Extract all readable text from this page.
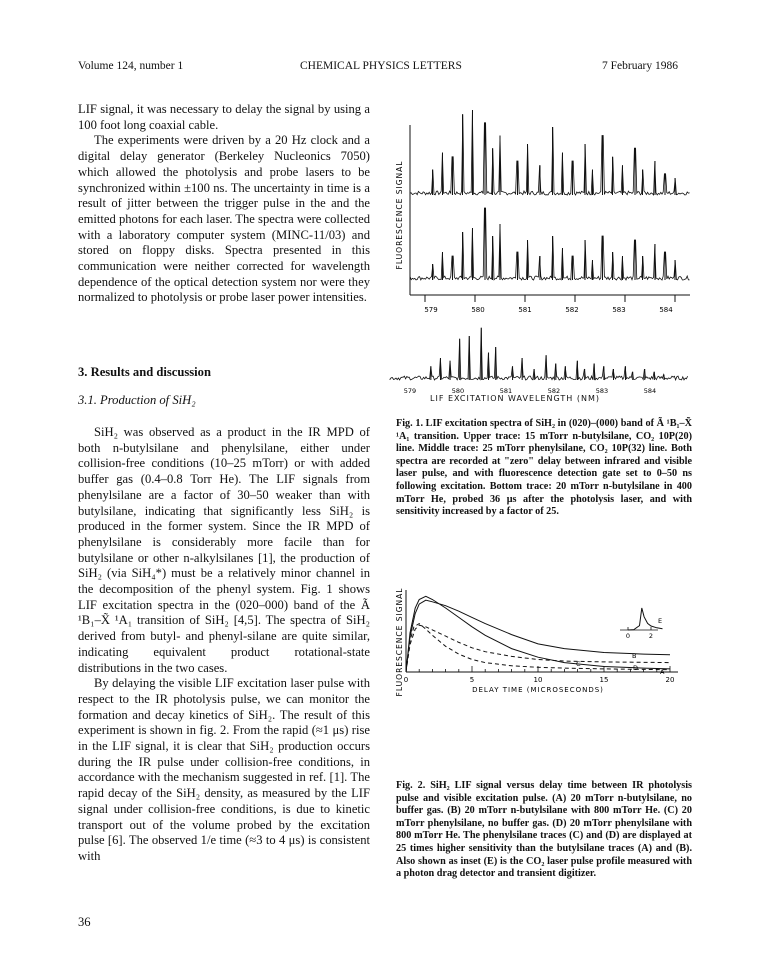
Volume 124, number 1	CHEMICAL PHYSICS LETTERS	7 February 1986

LIF signal, it was necessary to delay the signal by using a 100 foot long coaxial cable.

The experiments were driven by a 20 Hz clock and a digital delay generator (Berkeley Nucleonics 7050) which allowed the photolysis and probe lasers to be synchronized within ±100 ns. The uncertainty in time is a result of jitter between the trigger pulse in the and the emitted photons for each laser. The spectra were collected with a laboratory computer system (MINC-11/03) and stored on floppy disks. Spectra presented in this communication were neither corrected for wavelength dependence of the optical detection system nor were they normalized to photolysis or probe laser power intensities.

3. Results and discussion
3.1. Production of SiH₂

SiH₂ was observed as a product in the IR MPD of both n-butylsilane and phenylsilane, either under collision-free conditions (10–25 mTorr) or with added buffer gas (0.4–0.8 Torr He). The LIF signals from phenylsilane are a factor of 30–50 weaker than with butylsilane, indicating that significantly less SiH₂ is produced in the former system. Since the IR MPD of phenylsilane is considerably more facile than for butylsilane or other n-alkylsilanes [1], the production of SiH₂ (via SiH₄*) must be a relatively minor channel in the decomposition of the phenyl system. Fig. 1 shows LIF excitation spectra in the (020–000) band of the Ã ¹B₁–X̃ ¹A₁ transition of SiH₂ [4,5]. The spectra of SiH₂ derived from butyl- and phenyl-silane are quite similar, indicating equivalent product rotational-state distributions in the two cases.

By delaying the visible LIF excitation laser pulse with respect to the IR photolysis pulse, we can monitor the formation and decay kinetics of SiH₂. The result of this experiment is shown in fig. 2. From the rapid (≈1 μs) rise in the LIF signal, it is clear that SiH₂ production occurs during the IR pulse under collision-free conditions, in accordance with the mechanism suggested in ref. [1]. The rapid decay of the SiH₂ density, as measured by the LIF signal under collision-free conditions, is due to kinetic transport out of the volume probed by the excitation pulse [6]. The observed 1/e time (≈3 to 4 μs) is consistent with

36
FLUORESCENCE SIGNAL
579	580	581	582	583	584
579	580	581	582	583	584
LIF EXCITATION WAVELENGTH (NM)

Fig. 1. LIF excitation spectra of SiH₂ in (020)–(000) band of Ã ¹B₁–X̃ ¹A₁ transition. Upper trace: 15 mTorr n-butylsilane, CO₂ 10P(20) line. Middle trace: 25 mTorr phenylsilane, CO₂ 10P(32) line. Both spectra are recorded at "zero" delay between infrared and visible laser pulse, and with fluorescence detection gate set to 0–50 ns following excitation. Bottom trace: 20 mTorr n-butylsilane in 400 mTorr He, probed 36 μs after the photolysis laser, and with sensitivity increased by a factor of 25.

FLUORESCENCE SIGNAL 0	5	10	15	20
DELAY TIME (MICROSECONDS)
A
B
C	D
E
0	2

Fig. 2. SiH₂ LIF signal versus delay time between IR photolysis pulse and visible excitation pulse. (A) 20 mTorr n-butylsilane, no buffer gas. (B) 20 mTorr n-butylsilane with 800 mTorr He. (C) 20 mTorr phenylsilane, no buffer gas. (D) 20 mTorr phenylsilane with 800 mTorr He. The phenylsilane traces (C) and (D) are displayed at 25 times higher sensitivity than the butylsilane traces (A) and (B). Also shown as inset (E) is the CO₂ laser pulse profile measured with a photon drag detector and transient digitizer.
